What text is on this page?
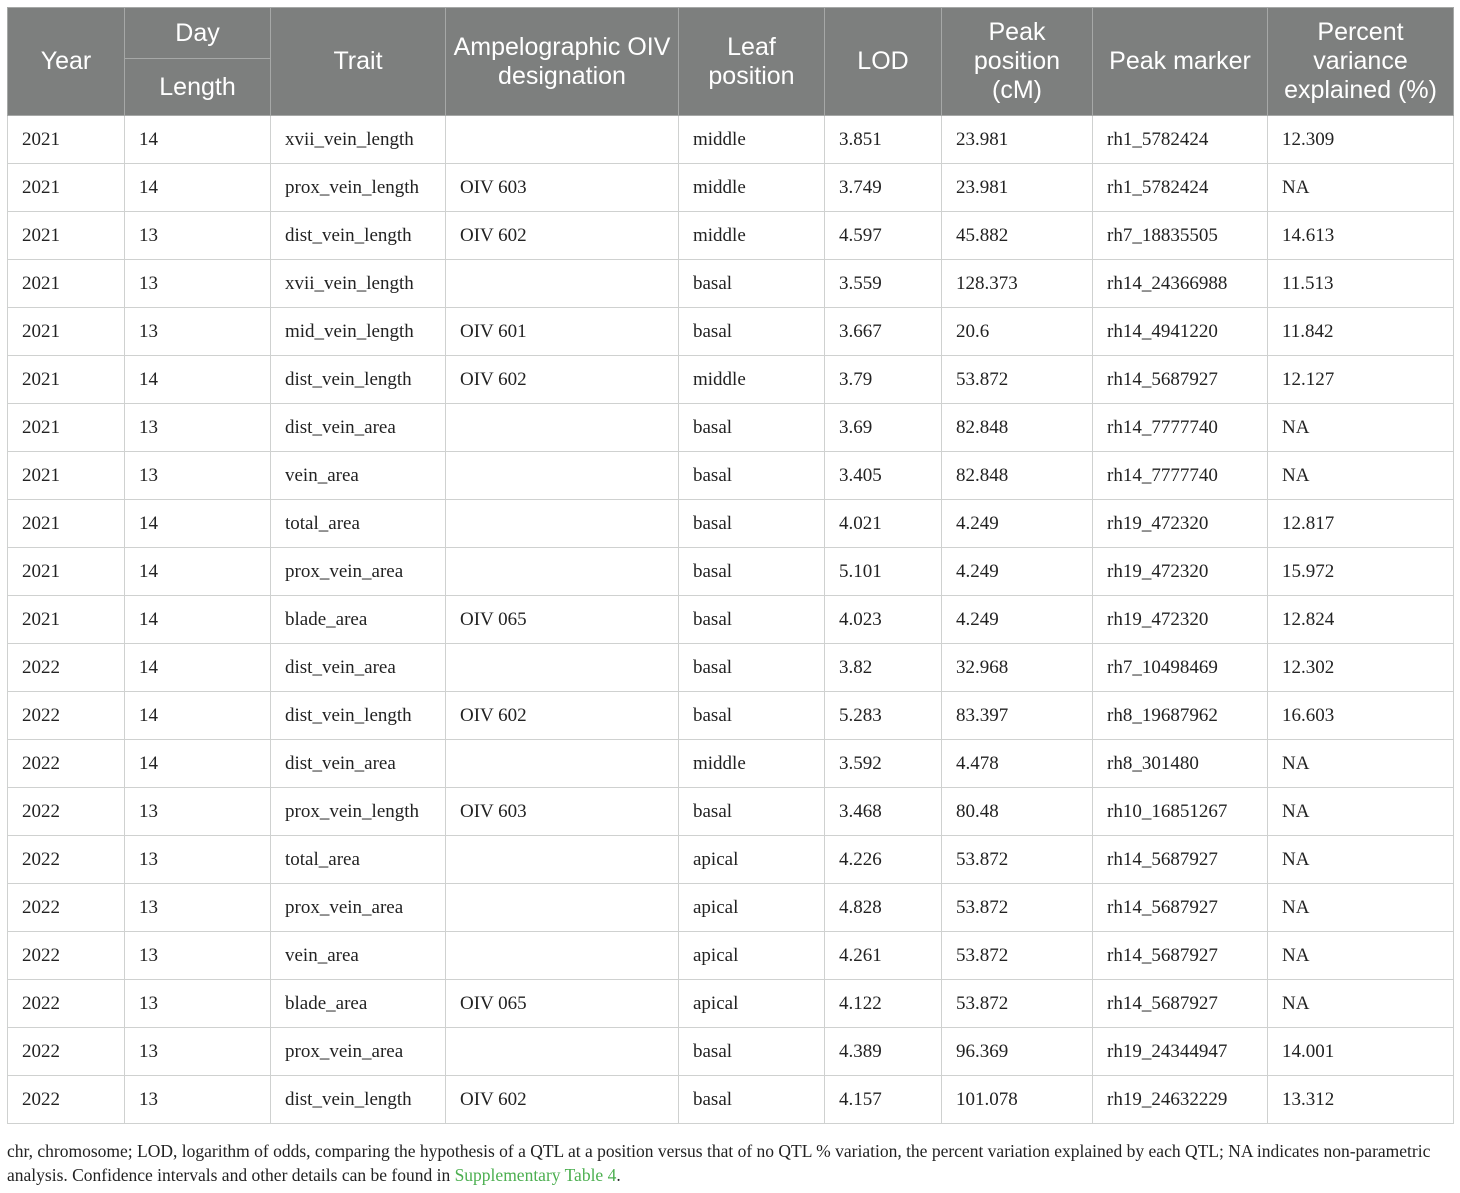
Year	Day	Trait	Ampelographic OIV designation	Leaf position	LOD	Peak position (cM)	Peak marker	Percent variance explained (%)
	Length							
2021	14	xvii_vein_length		middle	3.851	23.981	rh1_5782424	12.309
2021	14	prox_vein_length	OIV 603	middle	3.749	23.981	rh1_5782424	NA
2021	13	dist_vein_length	OIV 602	middle	4.597	45.882	rh7_18835505	14.613
2021	13	xvii_vein_length		basal	3.559	128.373	rh14_24366988	11.513
2021	13	mid_vein_length	OIV 601	basal	3.667	20.6	rh14_4941220	11.842
2021	14	dist_vein_length	OIV 602	middle	3.79	53.872	rh14_5687927	12.127
2021	13	dist_vein_area		basal	3.69	82.848	rh14_7777740	NA
2021	13	vein_area		basal	3.405	82.848	rh14_7777740	NA
2021	14	total_area		basal	4.021	4.249	rh19_472320	12.817
2021	14	prox_vein_area		basal	5.101	4.249	rh19_472320	15.972
2021	14	blade_area	OIV 065	basal	4.023	4.249	rh19_472320	12.824
2022	14	dist_vein_area		basal	3.82	32.968	rh7_10498469	12.302
2022	14	dist_vein_length	OIV 602	basal	5.283	83.397	rh8_19687962	16.603
2022	14	dist_vein_area		middle	3.592	4.478	rh8_301480	NA
2022	13	prox_vein_length	OIV 603	basal	3.468	80.48	rh10_16851267	NA
2022	13	total_area		apical	4.226	53.872	rh14_5687927	NA
2022	13	prox_vein_area		apical	4.828	53.872	rh14_5687927	NA
2022	13	vein_area		apical	4.261	53.872	rh14_5687927	NA
2022	13	blade_area	OIV 065	apical	4.122	53.872	rh14_5687927	NA
2022	13	prox_vein_area		basal	4.389	96.369	rh19_24344947	14.001
2022	13	dist_vein_length	OIV 602	basal	4.157	101.078	rh19_24632229	13.312
chr, chromosome; LOD, logarithm of odds, comparing the hypothesis of a QTL at a position versus that of no QTL % variation, the percent variation explained by each QTL; NA indicates non-parametric analysis. Confidence intervals and other details can be found in Supplementary Table 4.
